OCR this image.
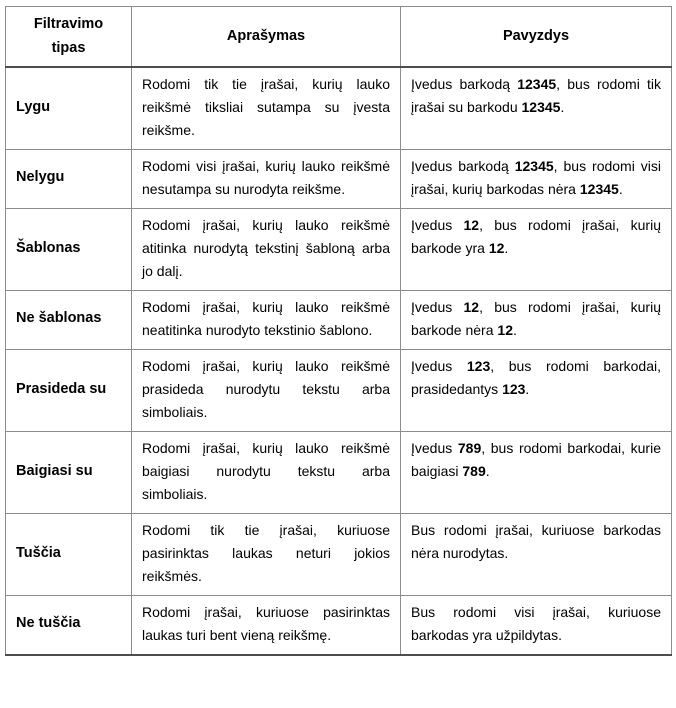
Filtravimo tipas	Aprašymas	Pavyzdys
Lygu	Rodomi tik tie įrašai, kurių lauko reikšmė tiksliai sutampa su įvesta reikšme.	Įvedus barkodą 12345, bus rodomi tik įrašai su barkodu 12345.
Nelygu	Rodomi visi įrašai, kurių lauko reikšmė nesutampa su nurodyta reikšme.	Įvedus barkodą 12345, bus rodomi visi įrašai, kurių barkodas nėra 12345.
Šablonas	Rodomi įrašai, kurių lauko reikšmė atitinka nurodytą tekstinį šabloną arba jo dalį.	Įvedus 12, bus rodomi įrašai, kurių barkode yra 12.
Ne šablonas	Rodomi įrašai, kurių lauko reikšmė neatitinka nurodyto tekstinio šablono.	Įvedus 12, bus rodomi įrašai, kurių barkode nėra 12.
Prasideda su	Rodomi įrašai, kurių lauko reikšmė prasideda nurodytu tekstu arba simboliais.	Įvedus 123, bus rodomi barkodai, prasidedantys 123.
Baigiasi su	Rodomi įrašai, kurių lauko reikšmė baigiasi nurodytu tekstu arba simboliais.	Įvedus 789, bus rodomi barkodai, kurie baigiasi 789.
Tuščia	Rodomi tik tie įrašai, kuriuose pasirinktas laukas neturi jokios reikšmės.	Bus rodomi įrašai, kuriuose barkodas nėra nurodytas.
Ne tuščia	Rodomi įrašai, kuriuose pasirinktas laukas turi bent vieną reikšmę.	Bus rodomi visi įrašai, kuriuose barkodas yra užpildytas.
